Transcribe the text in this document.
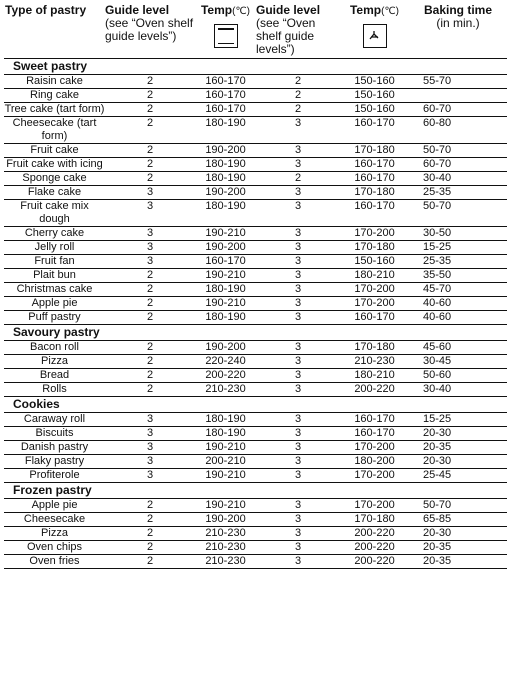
Type of pastry	Guide level
(see “Oven shelf guide levels”)	Temp(℃)	Guide level
(see “Oven shelf guide levels”)	Temp(℃)	Baking time
(in min.)

Sweet pastry					
Raisin cake	2	160-170	2	150-160	55-70
Ring cake	2	160-170	2	150-160	
Tree cake (tart form)	2	160-170	2	150-160	60-70
Cheesecake (tart form)	2	180-190	3	160-170	60-80
Fruit cake	2	190-200	3	170-180	50-70
Fruit cake with icing	2	180-190	3	160-170	60-70
Sponge cake	2	180-190	2	160-170	30-40
Flake cake	3	190-200	3	170-180	25-35
Fruit cake mix dough	3	180-190	3	160-170	50-70
Cherry cake	3	190-210	3	170-200	30-50
Jelly roll	3	190-200	3	170-180	15-25
Fruit fan	3	160-170	3	150-160	25-35
Plait bun	2	190-210	3	180-210	35-50
Christmas cake	2	180-190	3	170-200	45-70
Apple pie	2	190-210	3	170-200	40-60
Puff pastry	2	180-190	3	160-170	40-60
Savoury pastry					
Bacon roll	2	190-200	3	170-180	45-60
Pizza	2	220-240	3	210-230	30-45
Bread	2	200-220	3	180-210	50-60
Rolls	2	210-230	3	200-220	30-40
Cookies					
Caraway roll	3	180-190	3	160-170	15-25
Biscuits	3	180-190	3	160-170	20-30
Danish pastry	3	190-210	3	170-200	20-35
Flaky pastry	3	200-210	3	180-200	20-30
Profiterole	3	190-210	3	170-200	25-45
Frozen pastry					
Apple pie	2	190-210	3	170-200	50-70
Cheesecake	2	190-200	3	170-180	65-85
Pizza	2	210-230	3	200-220	20-30
Oven chips	2	210-230	3	200-220	20-35
Oven fries	2	210-230	3	200-220	20-35
